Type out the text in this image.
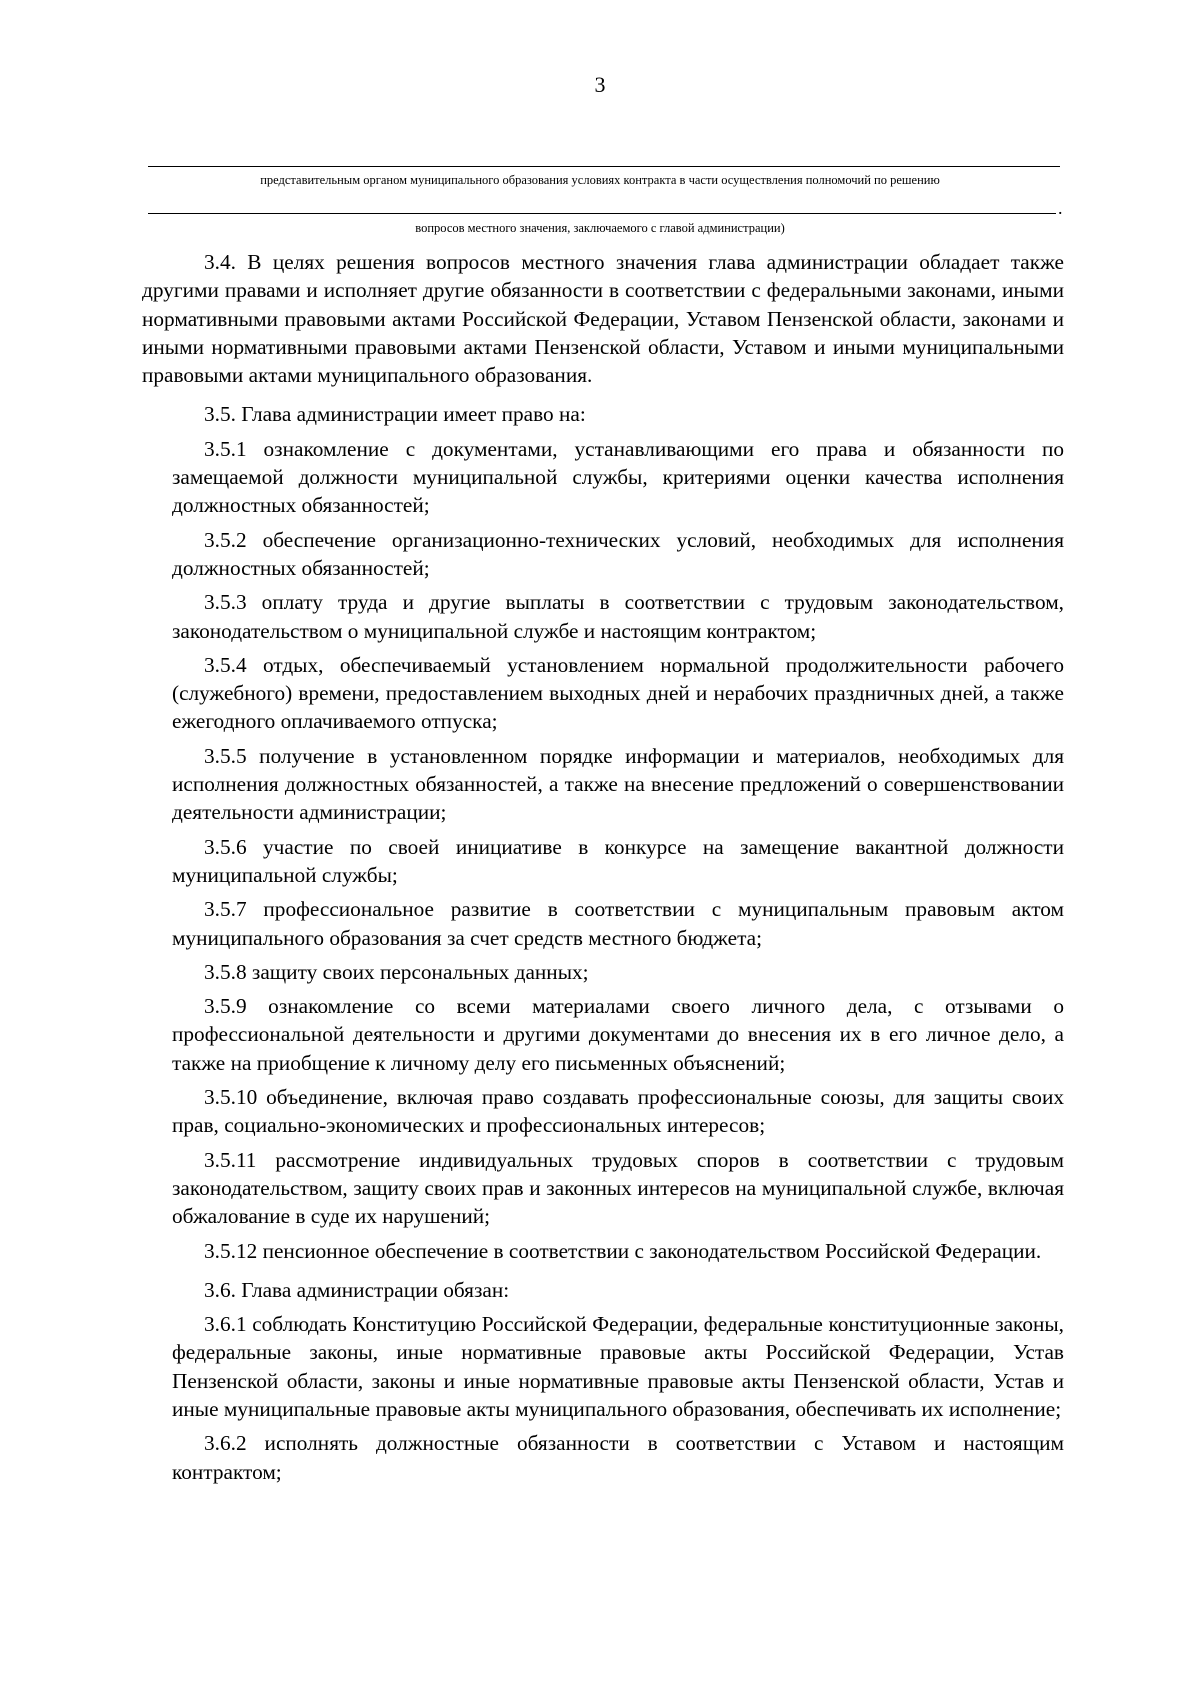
3
представительным органом муниципального образования условиях контракта в части осуществления полномочий по решению
.
вопросов местного значения, заключаемого с главой администрации)

3.4. В целях решения вопросов местного значения глава администрации обладает также другими правами и исполняет другие обязанности в соответствии с федеральными законами, иными нормативными правовыми актами Российской Федерации, Уставом Пензенской области, законами и иными нормативными правовыми актами Пензенской области, Уставом и иными муниципальными правовыми актами муниципального образования.

3.5. Глава администрации имеет право на:

3.5.1 ознакомление с документами, устанавливающими его права и обязанности по замещаемой должности муниципальной службы, критериями оценки качества исполнения должностных обязанностей;

3.5.2 обеспечение организационно-технических условий, необходимых для исполнения должностных обязанностей;

3.5.3 оплату труда и другие выплаты в соответствии с трудовым законодательством, законодательством о муниципальной службе и настоящим контрактом;

3.5.4 отдых, обеспечиваемый установлением нормальной продолжительности рабочего (служебного) времени, предоставлением выходных дней и нерабочих праздничных дней, а также ежегодного оплачиваемого отпуска;

3.5.5 получение в установленном порядке информации и материалов, необходимых для исполнения должностных обязанностей, а также на внесение предложений о совершенствовании деятельности администрации;

3.5.6 участие по своей инициативе в конкурсе на замещение вакантной должности муниципальной службы;

3.5.7 профессиональное развитие в соответствии с муниципальным правовым актом муниципального образования за счет средств местного бюджета;

3.5.8 защиту своих персональных данных;

3.5.9 ознакомление со всеми материалами своего личного дела, с отзывами о профессиональной деятельности и другими документами до внесения их в его личное дело, а также на приобщение к личному делу его письменных объяснений;

3.5.10 объединение, включая право создавать профессиональные союзы, для защиты своих прав, социально-экономических и профессиональных интересов;

3.5.11 рассмотрение индивидуальных трудовых споров в соответствии с трудовым законодательством, защиту своих прав и законных интересов на муниципальной службе, включая обжалование в суде их нарушений;

3.5.12 пенсионное обеспечение в соответствии с законодательством Российской Федерации.

3.6. Глава администрации обязан:

3.6.1 соблюдать Конституцию Российской Федерации, федеральные конституционные законы, федеральные законы, иные нормативные правовые акты Российской Федерации, Устав Пензенской области, законы и иные нормативные правовые акты Пензенской области, Устав и иные муниципальные правовые акты муниципального образования, обеспечивать их исполнение;

3.6.2 исполнять должностные обязанности в соответствии с Уставом и настоящим контрактом;
